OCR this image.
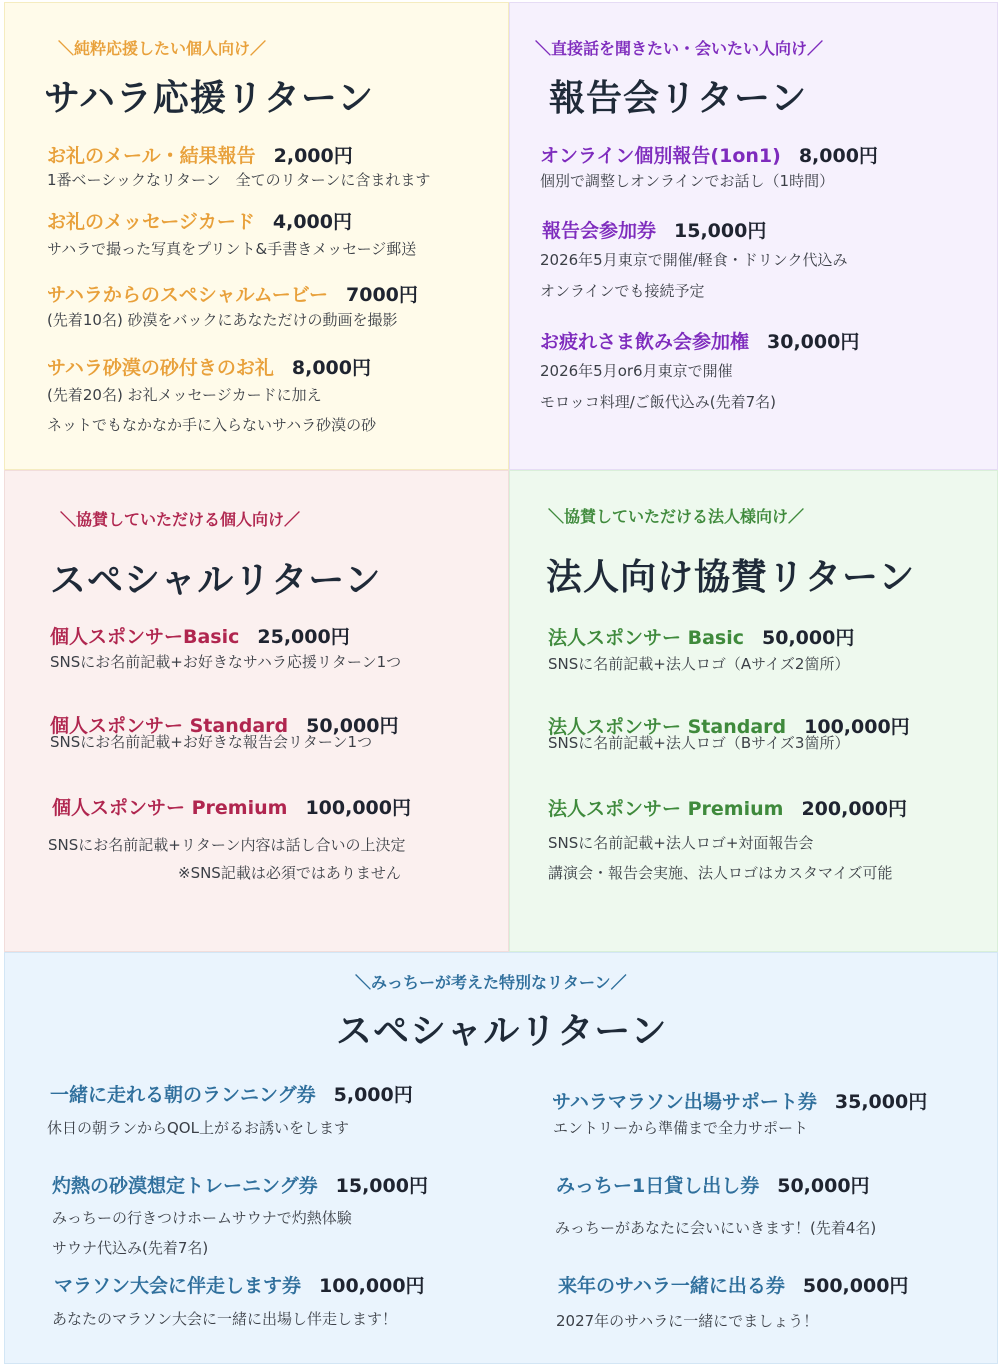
＼純粋応援したい個人向け／
サハラ応援リターン
お礼のメール・結果報告 2,000円
1番ベーシックなリターン　全てのリターンに含まれます
お礼のメッセージカード 4,000円
サハラで撮った写真をプリント&手書きメッセージ郵送
サハラからのスペシャルムービー 7000円
(先着10名) 砂漠をバックにあなただけの動画を撮影
サハラ砂漠の砂付きのお礼 8,000円
(先着20名) お礼メッセージカードに加え
ネットでもなかなか手に入らないサハラ砂漠の砂
＼直接話を聞きたい・会いたい人向け／
報告会リターン
オンライン個別報告(1on1) 8,000円
個別で調整しオンラインでお話し（1時間）
報告会参加券 15,000円
2026年5月東京で開催/軽食・ドリンク代込み
オンラインでも接続予定
お疲れさま飲み会参加権 30,000円
2026年5月or6月東京で開催
モロッコ料理/ご飯代込み(先着7名)
＼協賛していただける個人向け／
スペシャルリターン
個人スポンサーBasic 25,000円
SNSにお名前記載+お好きなサハラ応援リターン1つ
個人スポンサー Standard 50,000円
SNSにお名前記載+お好きな報告会リターン1つ
個人スポンサー Premium 100,000円
SNSにお名前記載+リターン内容は話し合いの上決定
※SNS記載は必須ではありません
＼協賛していただける法人様向け／
法人向け協賛リターン
法人スポンサー Basic 50,000円
SNSに名前記載+法人ロゴ（Aサイズ2箇所）
法人スポンサー Standard 100,000円
SNSに名前記載+法人ロゴ（Bサイズ3箇所）
法人スポンサー Premium 200,000円
SNSに名前記載+法人ロゴ+対面報告会
講演会・報告会実施、法人ロゴはカスタマイズ可能
＼みっちーが考えた特別なリターン／
スペシャルリターン
一緒に走れる朝のランニング券 5,000円
休日の朝ランからQOL上がるお誘いをします
灼熱の砂漠想定トレーニング券 15,000円
みっちーの行きつけホームサウナで灼熱体験
サウナ代込み(先着7名)
マラソン大会に伴走します券 100,000円
あなたのマラソン大会に一緒に出場し伴走します！
サハラマラソン出場サポート券 35,000円
エントリーから準備まで全力サポート
みっちー1日貸し出し券 50,000円
みっちーがあなたに会いにいきます！(先着4名)
来年のサハラ一緒に出る券 500,000円
2027年のサハラに一緒にでましょう！
